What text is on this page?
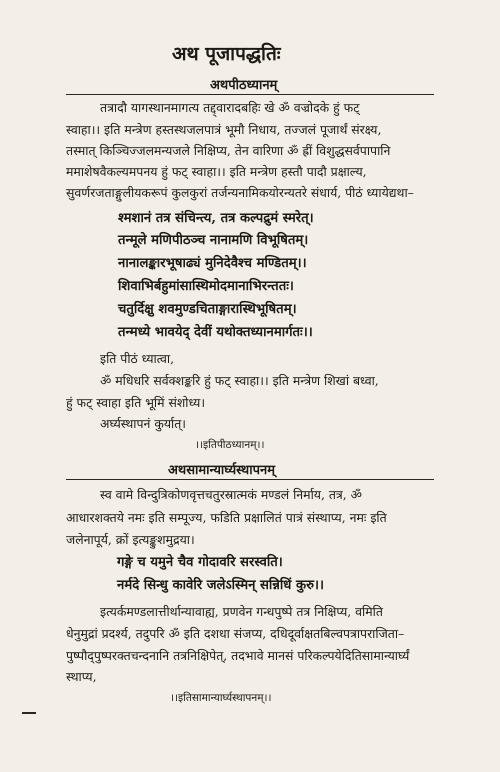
अथ पूजापद्धतिः
अथपीठध्यानम्
तत्रादौ यागस्थानमागत्य तद्द्वारादबहिः खे ॐ वज्रोदके हुं फट्
स्वाहा।। इति मन्त्रेण हस्तस्थजलपात्रं भूमौ निधाय, तज्जलं पूजार्थं संरक्ष्य,
तस्मात् किञ्चिज्जलमन्यजले निक्षिप्य, तेन वारिणा ॐ ह्रीं विशुद्धसर्वपापानि
ममाशेषवैकल्यमपनय हुं फट् स्वाहा।। इति मन्त्रेण हस्तौ पादौ प्रक्षाल्य,
सुवर्णरजताङ्गुलीयकरूपं कुलकुरां तर्जन्यनामिकयोरन्यतरे संधार्य, पीठं ध्यायेद्यथा–
श्मशानं तत्र संचिन्त्य, तत्र कल्पद्रुमं स्मरेत्।
तन्मूले मणिपीठञ्च नानामणि विभूषितम्।
नानालङ्कारभूषाढ्यं मुनिदेवैश्च मण्डितम्।।
शिवाभिर्बहुमांसास्थिमोदमानाभिरन्ततः।
चतुर्दिक्षु शवमुण्डचिताङ्गारास्थिभूषितम्।
तन्मध्ये भावयेद् देवीं यथोक्तध्यानमार्गतः।।
इति पीठं ध्यात्वा,
ॐ मधिधरि सर्वक्शङ्करि हुं फट् स्वाहा।। इति मन्त्रेण शिखां बध्वा,
हुं फट् स्वाहा इति भूमिं संशोध्य।
अर्घ्यस्थापनं कुर्यात्।
।।इतिपीठध्यानम्।।
अथसामान्यार्घ्यस्थापनम्
स्व वामे विन्दुत्रिकोणवृत्तचतुरस्रात्मकं मण्डलं निर्माय, तत्र, ॐ
आधारशक्तये नमः इति सम्पूज्य, फडिति प्रक्षालितं पात्रं संस्थाप्य, नमः इति
जलेनापूर्य, क्रों इत्यङ्कुशमुद्रया।
गङ्गे च यमुने चैव गोदावरि सरस्वति।
नर्मदे सिन्धु कावेरि जलेऽस्मिन् सन्निधिं कुरु।।
इत्यर्कमण्डलात्तीर्थान्यावाह्य, प्रणवेन गन्धपुष्पे तत्र निक्षिप्य, वमिति
धेनुमुद्रां प्रदर्श्य, तदुपरि ॐ इति दशधा संजप्य, दधिदूर्वाक्षतबिल्वपत्रापराजिता–
पुष्पौद्पुष्परक्तचन्दनानि तत्रनिक्षिपेत्, तदभावे मानसं परिकल्पयेदितिसामान्यार्घ्यं
स्थाप्य,
।।इतिसामान्यार्घ्यस्थापनम्।।
